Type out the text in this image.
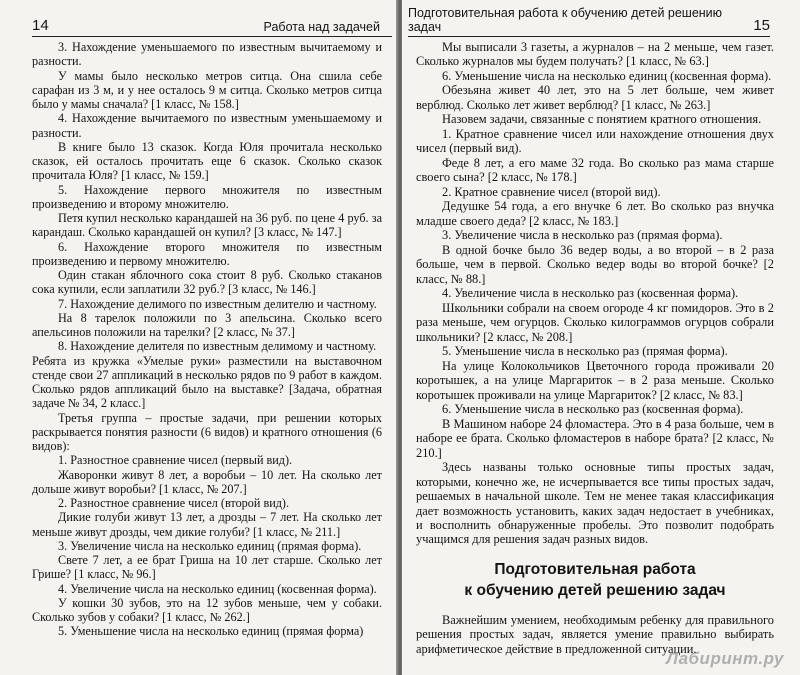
14	Работа над задачей

3. Нахождение уменьшаемого по известным вычитаемому и разности.

У мамы было несколько метров ситца. Она сшила себе сарафан из 3 м, и у нее осталось 9 м ситца. Сколько метров ситца было у мамы сначала? [1 класс, № 158.]

4. Нахождение вычитаемого по известным уменьшаемому и разности.

В книге было 13 сказок. Когда Юля прочитала несколько сказок, ей осталось прочитать еще 6 сказок. Сколько сказок прочитала Юля? [1 класс, № 159.]

5. Нахождение первого множителя по известным произведению и второму множителю.

Петя купил несколько карандашей на 36 руб. по цене 4 руб. за карандаш. Сколько карандашей он купил? [3 класс, № 147.]

6. Нахождение второго множителя по известным произведению и первому множителю.

Один стакан яблочного сока стоит 8 руб. Сколько стаканов сока купили, если заплатили 32 руб.? [3 класс, № 146.]

7. Нахождение делимого по известным делителю и частному.

На 8 тарелок положили по 3 апельсина. Сколько всего апельсинов положили на тарелки? [2 класс, № 37.]

8. Нахождение делителя по известным делимому и частному.

Ребята из кружка «Умелые руки» разместили на выставочном стенде свои 27 аппликаций в несколько рядов по 9 работ в каждом. Сколько рядов аппликаций было на выставке? [Задача, обратная задаче № 34, 2 класс.]

Третья группа – простые задачи, при решении которых раскрывается понятия разности (6 видов) и кратного отношения (6 видов):

1. Разностное сравнение чисел (первый вид).

Жаворонки живут 8 лет, а воробьи – 10 лет. На сколько лет дольше живут воробьи? [1 класс, № 207.]

2. Разностное сравнение чисел (второй вид).

Дикие голуби живут 13 лет, а дрозды – 7 лет. На сколько лет меньше живут дрозды, чем дикие голуби? [1 класс, № 211.]

3. Увеличение числа на несколько единиц (прямая форма).

Свете 7 лет, а ее брат Гриша на 10 лет старше. Сколько лет Грише? [1 класс, № 96.]

4. Увеличение числа на несколько единиц (косвенная форма).

У кошки 30 зубов, это на 12 зубов меньше, чем у собаки. Сколько зубов у собаки? [1 класс, № 262.]

5. Уменьшение числа на несколько единиц (прямая форма)

Подготовительная работа к обучению детей решению задач	15

Мы выписали 3 газеты, а журналов – на 2 меньше, чем газет. Сколько журналов мы будем получать? [1 класс, № 63.]

6. Уменьшение числа на несколько единиц (косвенная форма).

Обезьяна живет 40 лет, это на 5 лет больше, чем живет верблюд. Сколько лет живет верблюд? [1 класс, № 263.]

Назовем задачи, связанные с понятием кратного отношения.

1. Кратное сравнение чисел или нахождение отношения двух чисел (первый вид).

Феде 8 лет, а его маме 32 года. Во сколько раз мама старше своего сына? [2 класс, № 178.]

2. Кратное сравнение чисел (второй вид).

Дедушке 54 года, а его внучке 6 лет. Во сколько раз внучка младше своего деда? [2 класс, № 183.]

3. Увеличение числа в несколько раз (прямая форма).

В одной бочке было 36 ведер воды, а во второй – в 2 раза больше, чем в первой. Сколько ведер воды во второй бочке? [2 класс, № 88.]

4. Увеличение числа в несколько раз (косвенная форма).

Школьники собрали на своем огороде 4 кг помидоров. Это в 2 раза меньше, чем огурцов. Сколько килограммов огурцов собрали школьники? [2 класс, № 208.]

5. Уменьшение числа в несколько раз (прямая форма).

На улице Колокольчиков Цветочного города проживали 20 коротышек, а на улице Маргариток – в 2 раза меньше. Сколько коротышек проживали на улице Маргариток? [2 класс, № 83.]

6. Уменьшение числа в несколько раз (косвенная форма).

В Машином наборе 24 фломастера. Это в 4 раза больше, чем в наборе ее брата. Сколько фломастеров в наборе брата? [2 класс, № 210.]

Здесь названы только основные типы простых задач, которыми, конечно же, не исчерпывается все типы простых задач, решаемых в начальной школе. Тем не менее такая классификация дает возможность установить, каких задач недостает в учебниках, и восполнить обнаруженные пробелы. Это позволит подобрать учащимся для решения задач разных видов.

Подготовительная работа
к обучению детей решению задач

Важнейшим умением, необходимым ребенку для правильного решения простых задач, является умение правильно выбирать арифметическое действие в предложенной ситуации.

Лабиринт.ру
